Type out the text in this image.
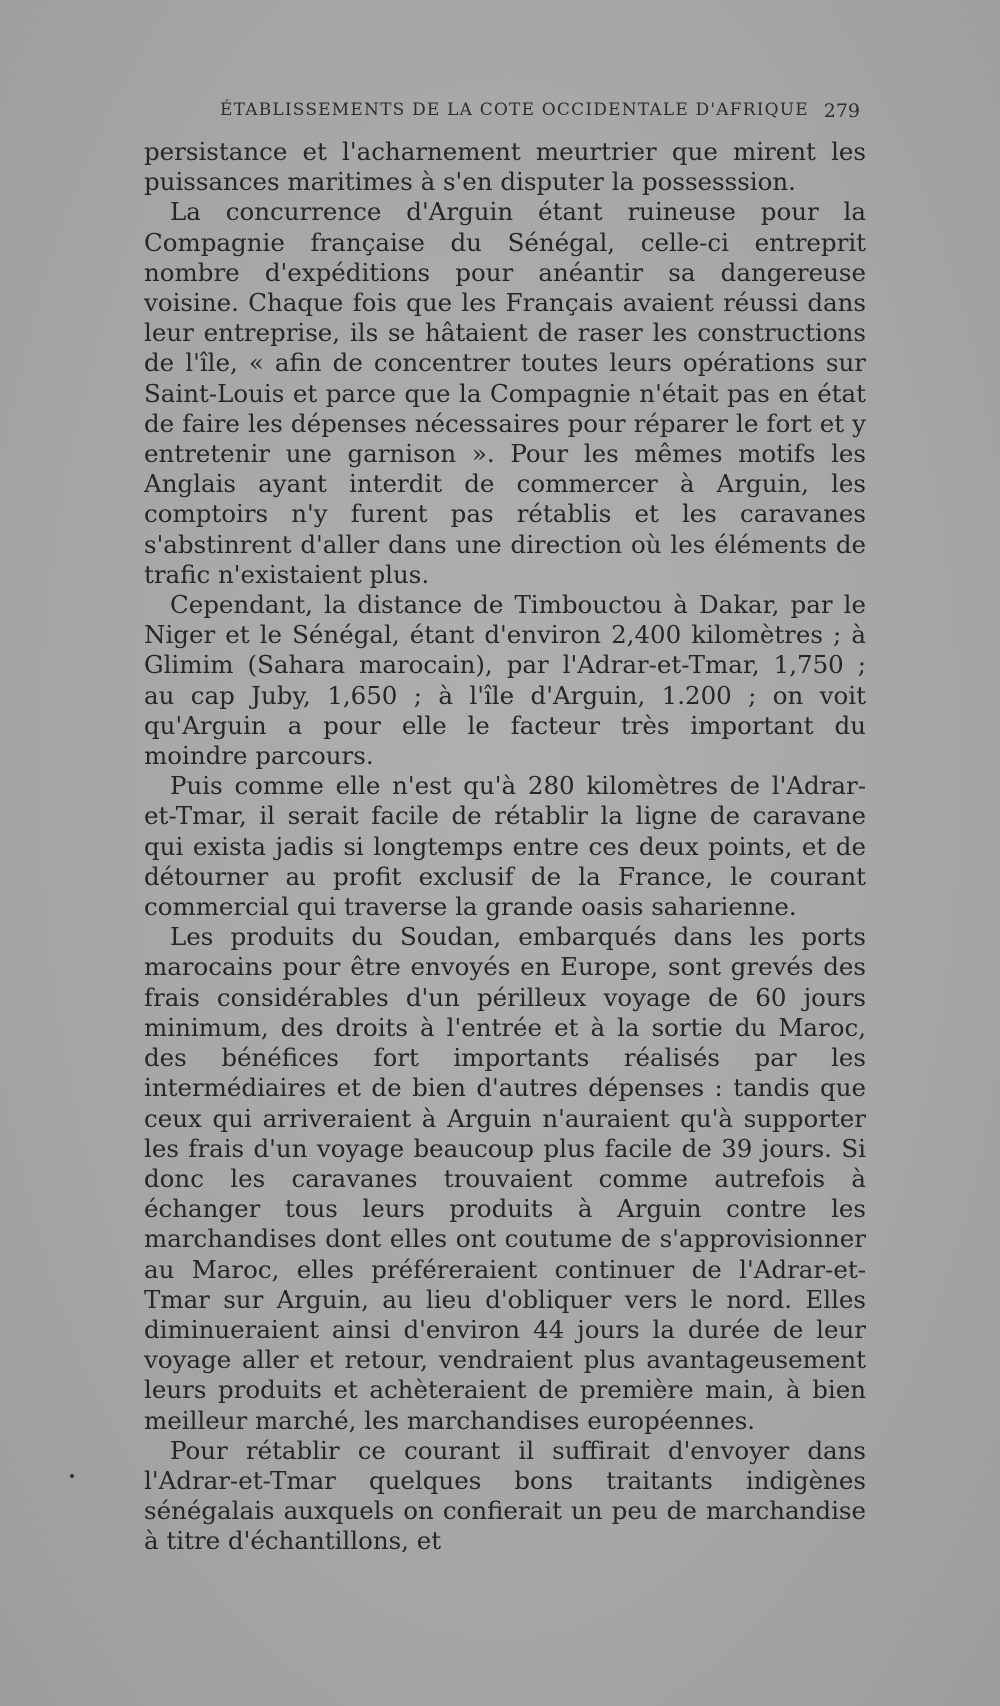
ÉTABLISSEMENTS DE LA COTE OCCIDENTALE D'AFRIQUE 279

persistance et l'acharnement meurtrier que mirent les puissances maritimes à s'en disputer la possesssion.

La concurrence d'Arguin étant ruineuse pour la Compagnie française du Sénégal, celle-ci entreprit nombre d'expéditions pour anéantir sa dangereuse voisine. Chaque fois que les Français avaient réussi dans leur entreprise, ils se hâtaient de raser les constructions de l'île, « afin de concentrer toutes leurs opérations sur Saint-Louis et parce que la Compagnie n'était pas en état de faire les dépenses nécessaires pour réparer le fort et y entretenir une garnison ». Pour les mêmes motifs les Anglais ayant interdit de commercer à Arguin, les comptoirs n'y furent pas rétablis et les caravanes s'abstinrent d'aller dans une direction où les éléments de trafic n'existaient plus.

Cependant, la distance de Timbouctou à Dakar, par le Niger et le Sénégal, étant d'environ 2,400 kilomètres ; à Glimim (Sahara marocain), par l'Adrar-et-Tmar, 1,750 ; au cap Juby, 1,650 ; à l'île d'Arguin, 1.200 ; on voit qu'Arguin a pour elle le facteur très important du moindre parcours.

Puis comme elle n'est qu'à 280 kilomètres de l'Adrar-et-Tmar, il serait facile de rétablir la ligne de caravane qui exista jadis si longtemps entre ces deux points, et de détourner au profit exclusif de la France, le courant commercial qui traverse la grande oasis saharienne.

Les produits du Soudan, embarqués dans les ports marocains pour être envoyés en Europe, sont grevés des frais considérables d'un périlleux voyage de 60 jours minimum, des droits à l'entrée et à la sortie du Maroc, des bénéfices fort importants réalisés par les intermédiaires et de bien d'autres dépenses : tandis que ceux qui arriveraient à Arguin n'auraient qu'à supporter les frais d'un voyage beaucoup plus facile de 39 jours. Si donc les caravanes trouvaient comme autrefois à échanger tous leurs produits à Arguin contre les marchandises dont elles ont coutume de s'approvisionner au Maroc, elles préféreraient continuer de l'Adrar-et-Tmar sur Arguin, au lieu d'obliquer vers le nord. Elles diminueraient ainsi d'environ 44 jours la durée de leur voyage aller et retour, vendraient plus avantageusement leurs produits et achèteraient de première main, à bien meilleur marché, les marchandises européennes.

Pour rétablir ce courant il suffirait d'envoyer dans l'Adrar-et-Tmar quelques bons traitants indigènes sénégalais auxquels on confierait un peu de marchandise à titre d'échantillons, et
